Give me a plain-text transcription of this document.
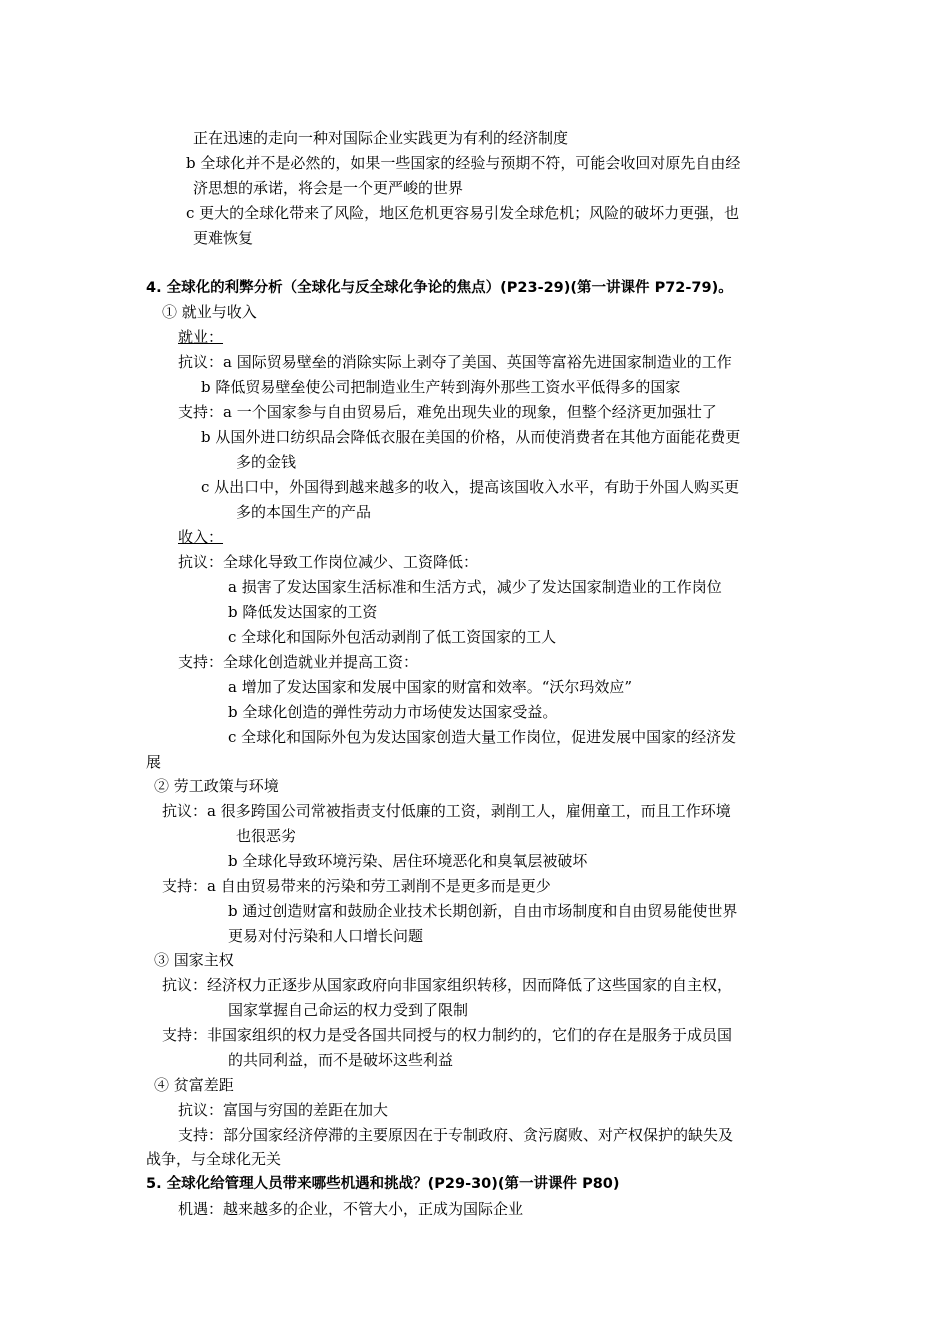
正在迅速的走向一种对国际企业实践更为有利的经济制度
b 全球化并不是必然的，如果一些国家的经验与预期不符，可能会收回对原先自由经
济思想的承诺，将会是一个更严峻的世界
c 更大的全球化带来了风险，地区危机更容易引发全球危机；风险的破坏力更强，也
更难恢复
4. 全球化的利弊分析（全球化与反全球化争论的焦点）(P23-29)(第一讲课件 P72-79)。
① 就业与收入
就业：
抗议：a 国际贸易壁垒的消除实际上剥夺了美国、英国等富裕先进国家制造业的工作
b 降低贸易壁垒使公司把制造业生产转到海外那些工资水平低得多的国家
支持：a 一个国家参与自由贸易后，难免出现失业的现象，但整个经济更加强壮了
b 从国外进口纺织品会降低衣服在美国的价格，从而使消费者在其他方面能花费更
多的金钱
c 从出口中，外国得到越来越多的收入，提高该国收入水平，有助于外国人购买更
多的本国生产的产品
收入：
抗议：全球化导致工作岗位减少、工资降低：
a 损害了发达国家生活标准和生活方式，减少了发达国家制造业的工作岗位
b 降低发达国家的工资
c 全球化和国际外包活动剥削了低工资国家的工人
支持：全球化创造就业并提高工资：
a 增加了发达国家和发展中国家的财富和效率。“沃尔玛效应”
b 全球化创造的弹性劳动力市场使发达国家受益。
c 全球化和国际外包为发达国家创造大量工作岗位，促进发展中国家的经济发
展
② 劳工政策与环境
抗议：a 很多跨国公司常被指责支付低廉的工资，剥削工人，雇佣童工，而且工作环境
也很恶劣
b 全球化导致环境污染、居住环境恶化和臭氧层被破坏
支持：a 自由贸易带来的污染和劳工剥削不是更多而是更少
b 通过创造财富和鼓励企业技术长期创新，自由市场制度和自由贸易能使世界
更易对付污染和人口增长问题
③ 国家主权
抗议：经济权力正逐步从国家政府向非国家组织转移，因而降低了这些国家的自主权，
国家掌握自己命运的权力受到了限制
支持：非国家组织的权力是受各国共同授与的权力制约的，它们的存在是服务于成员国
的共同利益，而不是破坏这些利益
④ 贫富差距
抗议：富国与穷国的差距在加大
支持：部分国家经济停滞的主要原因在于专制政府、贪污腐败、对产权保护的缺失及
战争，与全球化无关
5. 全球化给管理人员带来哪些机遇和挑战？(P29-30)(第一讲课件 P80)
机遇：越来越多的企业，不管大小，正成为国际企业
